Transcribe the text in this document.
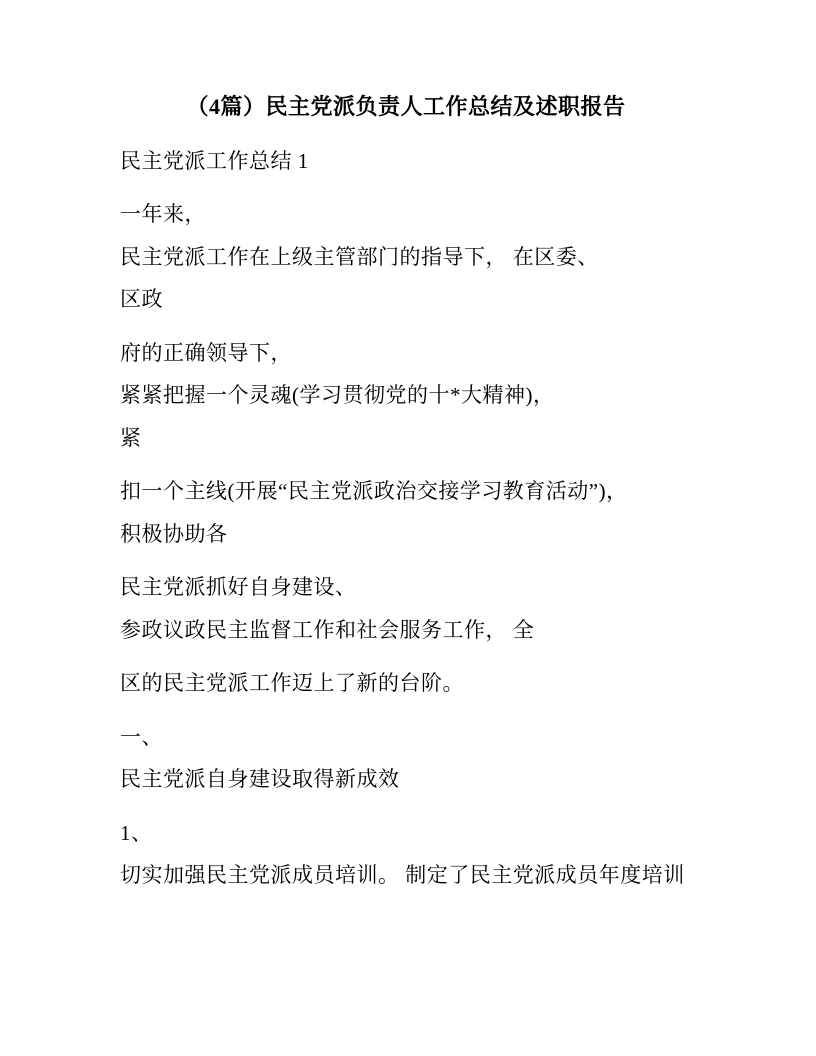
（4篇）民主党派负责人工作总结及述职报告
民主党派工作总结 1
一年来，
民主党派工作在上级主管部门的指导下， 在区委、
区政
府的正确领导下，
紧紧把握一个灵魂(学习贯彻党的十*大精神)，
紧
扣一个主线(开展“民主党派政治交接学习教育活动”)，
积极协助各
民主党派抓好自身建设、
参政议政民主监督工作和社会服务工作， 全
区的民主党派工作迈上了新的台阶。
一、
民主党派自身建设取得新成效
1、
切实加强民主党派成员培训。 制定了民主党派成员年度培训
